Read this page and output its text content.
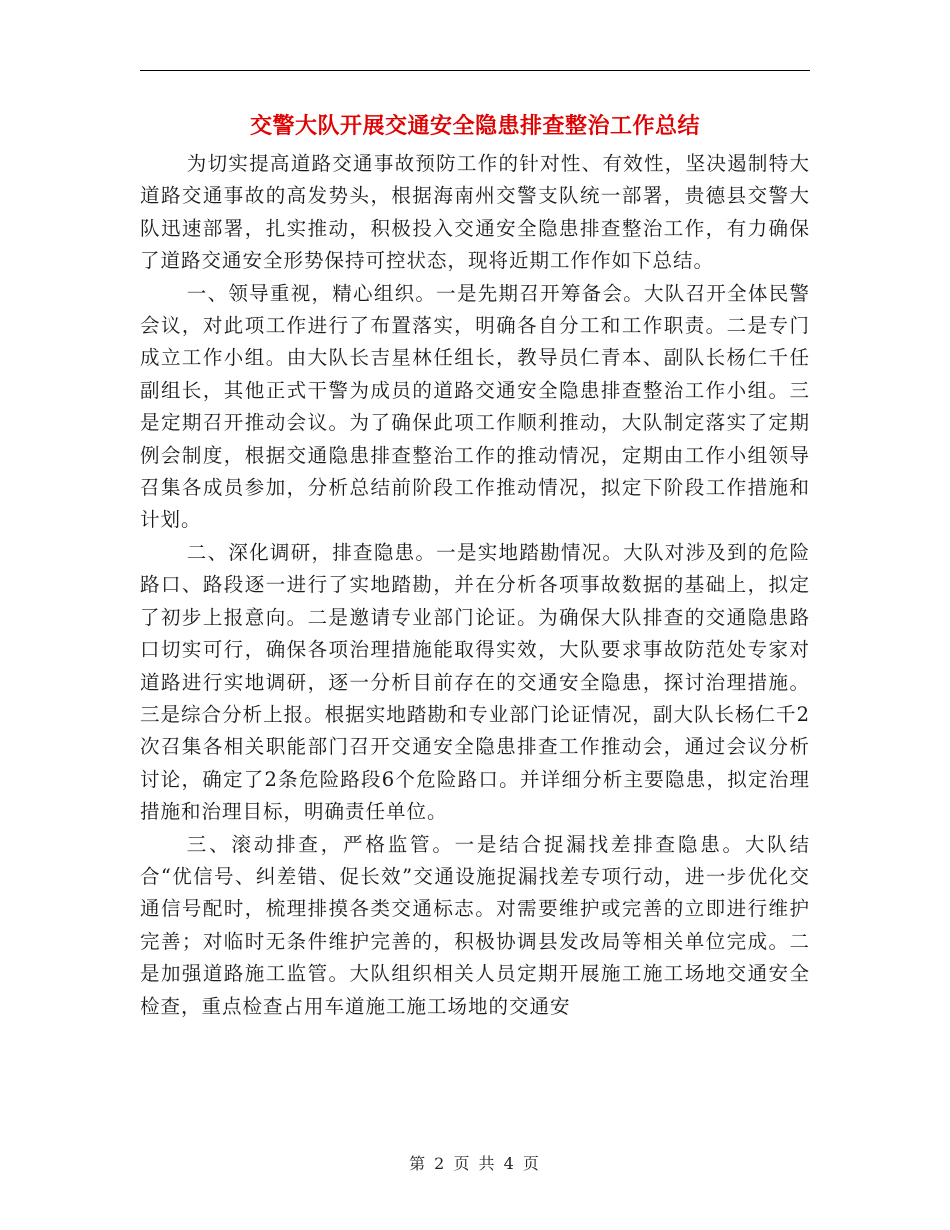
交警大队开展交通安全隐患排查整治工作总结

为切实提高道路交通事故预防工作的针对性、有效性，坚决遏制特大道路交通事故的高发势头，根据海南州交警支队统一部署，贵德县交警大队迅速部署，扎实推动，积极投入交通安全隐患排查整治工作，有力确保了道路交通安全形势保持可控状态，现将近期工作作如下总结。

一、领导重视，精心组织。一是先期召开筹备会。大队召开全体民警会议，对此项工作进行了布置落实，明确各自分工和工作职责。二是专门成立工作小组。由大队长吉星林任组长，教导员仁青本、副队长杨仁千任副组长，其他正式干警为成员的道路交通安全隐患排查整治工作小组。三是定期召开推动会议。为了确保此项工作顺利推动，大队制定落实了定期例会制度，根据交通隐患排查整治工作的推动情况，定期由工作小组领导召集各成员参加，分析总结前阶段工作推动情况，拟定下阶段工作措施和计划。

二、深化调研，排查隐患。一是实地踏勘情况。大队对涉及到的危险路口、路段逐一进行了实地踏勘，并在分析各项事故数据的基础上，拟定了初步上报意向。二是邀请专业部门论证。为确保大队排查的交通隐患路口切实可行，确保各项治理措施能取得实效，大队要求事故防范处专家对道路进行实地调研，逐一分析目前存在的交通安全隐患，探讨治理措施。三是综合分析上报。根据实地踏勘和专业部门论证情况，副大队长杨仁千2次召集各相关职能部门召开交通安全隐患排查工作推动会，通过会议分析讨论，确定了2条危险路段6个危险路口。并详细分析主要隐患，拟定治理措施和治理目标，明确责任单位。

三、滚动排查，严格监管。一是结合捉漏找差排查隐患。大队结合“优信号、纠差错、促长效”交通设施捉漏找差专项行动，进一步优化交通信号配时，梳理排摸各类交通标志。对需要维护或完善的立即进行维护完善；对临时无条件维护完善的，积极协调县发改局等相关单位完成。二是加强道路施工监管。大队组织相关人员定期开展施工施工场地交通安全检查，重点检查占用车道施工施工场地的交通安

第 2 页 共 4 页
